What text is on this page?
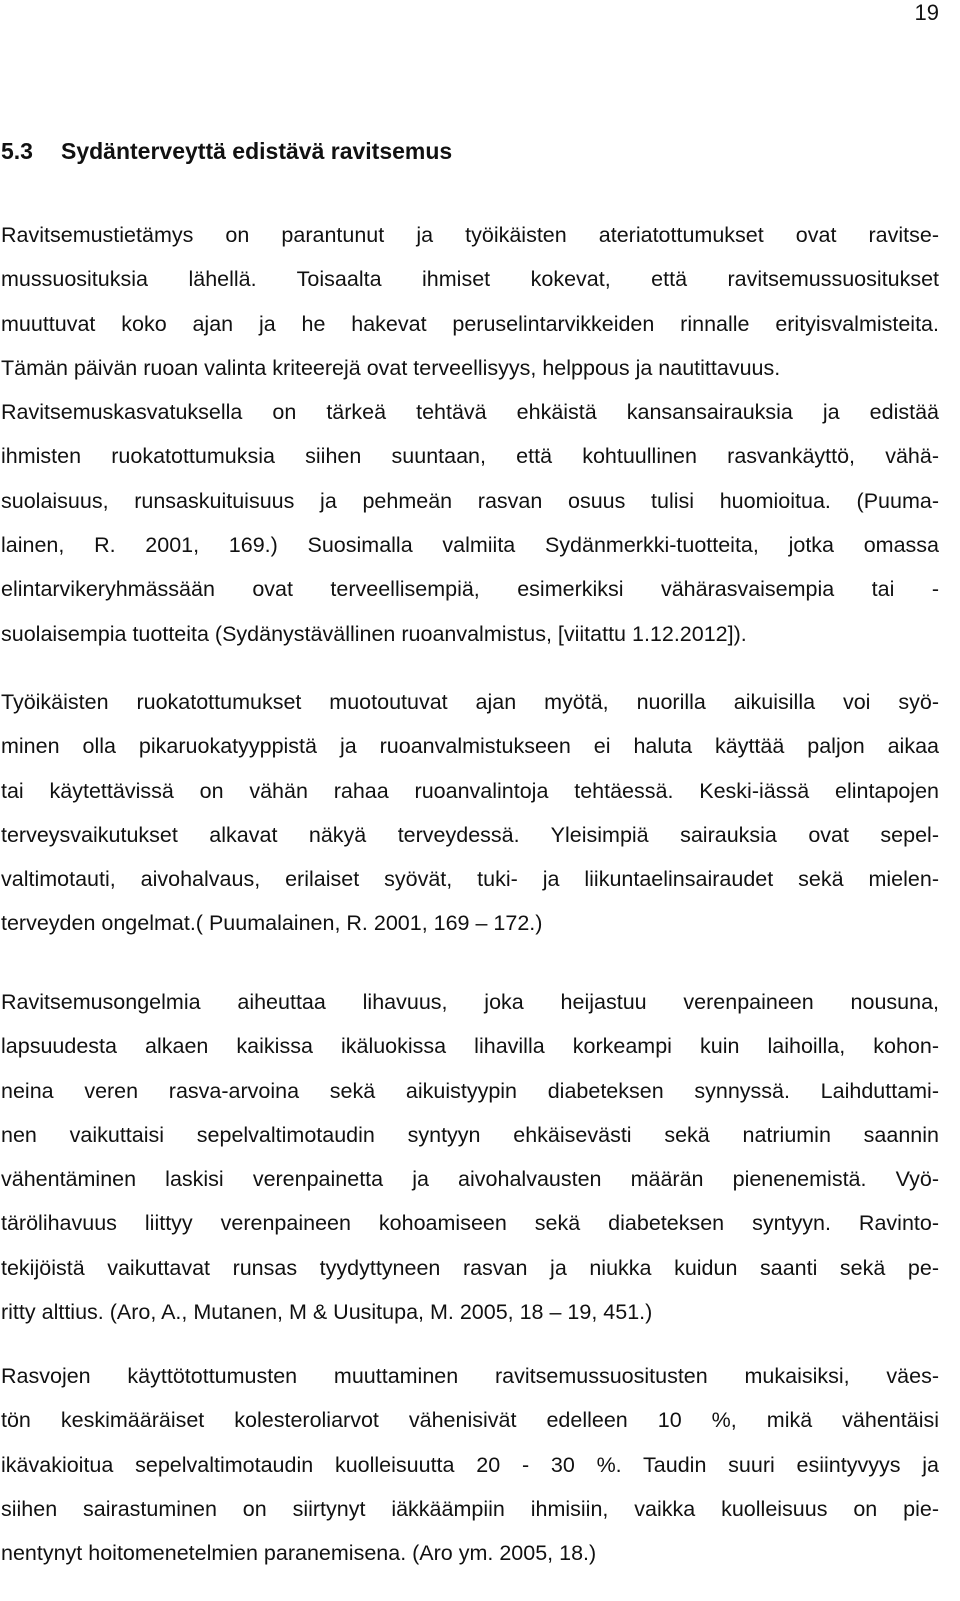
19
5.3 Sydänterveyttä edistävä ravitsemus
Ravitsemustietämys on parantunut ja työikäisten ateriatottumukset ovat ravitse-
mussuosituksia lähellä. Toisaalta ihmiset kokevat, että ravitsemussuositukset
muuttuvat koko ajan ja he hakevat peruselintarvikkeiden rinnalle erityisvalmisteita.
Tämän päivän ruoan valinta kriteerejä ovat terveellisyys, helppous ja nautittavuus.
Ravitsemuskasvatuksella on tärkeä tehtävä ehkäistä kansansairauksia ja edistää
ihmisten ruokatottumuksia siihen suuntaan, että kohtuullinen rasvankäyttö, vähä-
suolaisuus, runsaskuituisuus ja pehmeän rasvan osuus tulisi huomioitua. (Puuma-
lainen, R. 2001, 169.) Suosimalla valmiita Sydänmerkki-tuotteita, jotka omassa
elintarvikeryhmässään ovat terveellisempiä, esimerkiksi vähärasvaisempia tai -
suolaisempia tuotteita (Sydänystävällinen ruoanvalmistus, [viitattu 1.12.2012]).
Työikäisten ruokatottumukset muotoutuvat ajan myötä, nuorilla aikuisilla voi syö-
minen olla pikaruokatyyppistä ja ruoanvalmistukseen ei haluta käyttää paljon aikaa
tai käytettävissä on vähän rahaa ruoanvalintoja tehtäessä. Keski-iässä elintapojen
terveysvaikutukset alkavat näkyä terveydessä. Yleisimpiä sairauksia ovat sepel-
valtimotauti, aivohalvaus, erilaiset syövät, tuki- ja liikuntaelinsairaudet sekä mielen-
terveyden ongelmat.( Puumalainen, R. 2001, 169 – 172.)
Ravitsemusongelmia aiheuttaa lihavuus, joka heijastuu verenpaineen nousuna,
lapsuudesta alkaen kaikissa ikäluokissa lihavilla korkeampi kuin laihoilla, kohon-
neina veren rasva-arvoina sekä aikuistyypin diabeteksen synnyssä. Laihduttami-
nen vaikuttaisi sepelvaltimotaudin syntyyn ehkäisevästi sekä natriumin saannin
vähentäminen laskisi verenpainetta ja aivohalvausten määrän pienenemistä. Vyö-
tärölihavuus liittyy verenpaineen kohoamiseen sekä diabeteksen syntyyn. Ravinto-
tekijöistä vaikuttavat runsas tyydyttyneen rasvan ja niukka kuidun saanti sekä pe-
ritty alttius. (Aro, A., Mutanen, M & Uusitupa, M. 2005, 18 – 19, 451.)
Rasvojen käyttötottumusten muuttaminen ravitsemussuositusten mukaisiksi, väes-
tön keskimääräiset kolesteroliarvot vähenisivät edelleen 10 %, mikä vähentäisi
ikävakioitua sepelvaltimotaudin kuolleisuutta 20 - 30 %. Taudin suuri esiintyvyys ja
siihen sairastuminen on siirtynyt iäkkäämpiin ihmisiin, vaikka kuolleisuus on pie-
nentynyt hoitomenetelmien paranemisena. (Aro ym. 2005, 18.)
